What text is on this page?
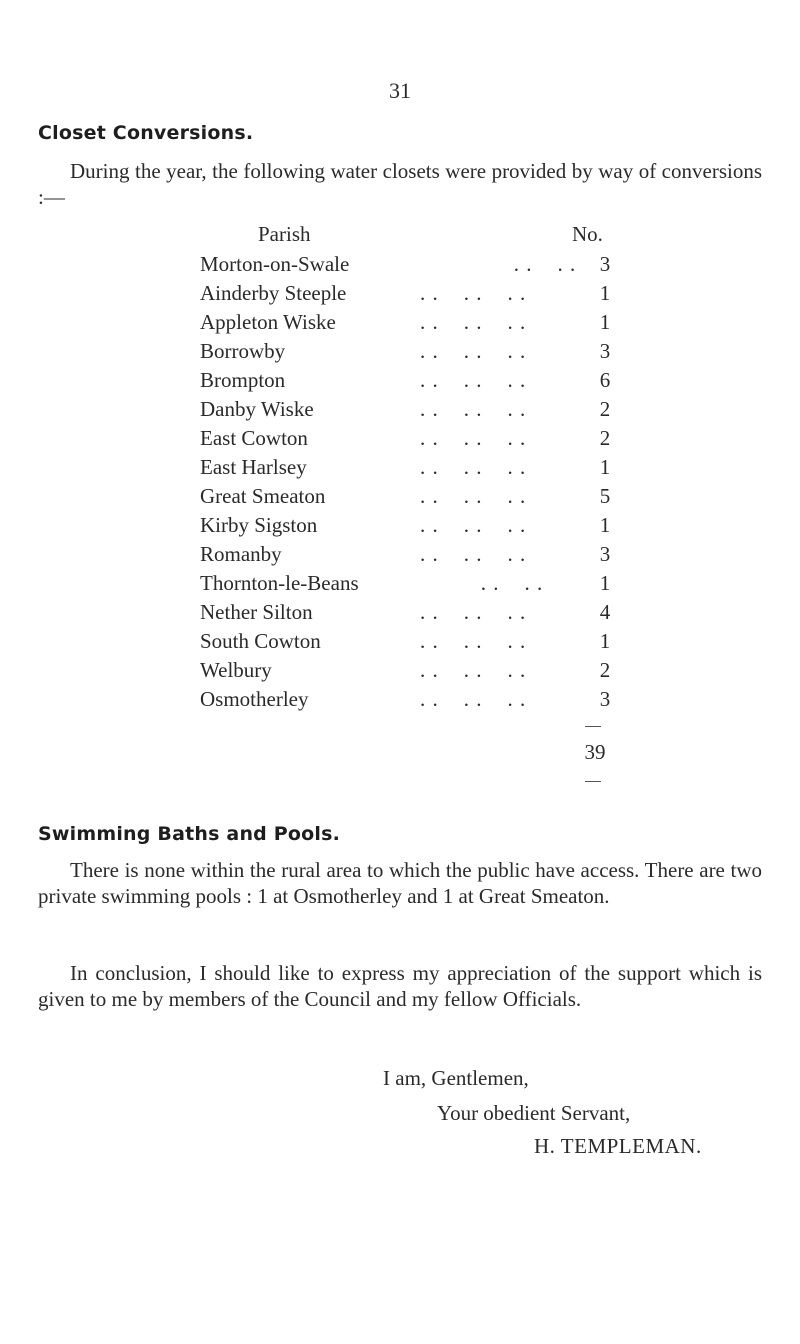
31
Closet Conversions.
During the year, the following water closets were provided by way of conversions :—
Parish	No.
Morton-on-Swale	. .    . .	3
Ainderby Steeple	. .    . .    . .	1
Appleton Wiske	. .    . .    . .	1
Borrowby	. .    . .    . .	3
Brompton	. .    . .    . .	6
Danby Wiske	. .    . .    . .	2
East Cowton	. .    . .    . .	2
East Harlsey	. .    . .    . .	1
Great Smeaton	. .    . .    . .	5
Kirby Sigston	. .    . .    . .	1
Romanby	. .    . .    . .	3
Thornton-le-Beans	. .    . .	1
Nether Silton	. .    . .    . .	4
South Cowton	. .    . .    . .	1
Welbury	. .    . .    . .	2
Osmotherley	. .    . .    . .	3
39
Swimming Baths and Pools.
There is none within the rural area to which the public have access. There are two private swimming pools : 1 at Osmotherley and 1 at Great Smeaton.
In conclusion, I should like to express my appreciation of the support which is given to me by members of the Council and my fellow Officials.
I am, Gentlemen,
Your obedient Servant,
H. TEMPLEMAN.
